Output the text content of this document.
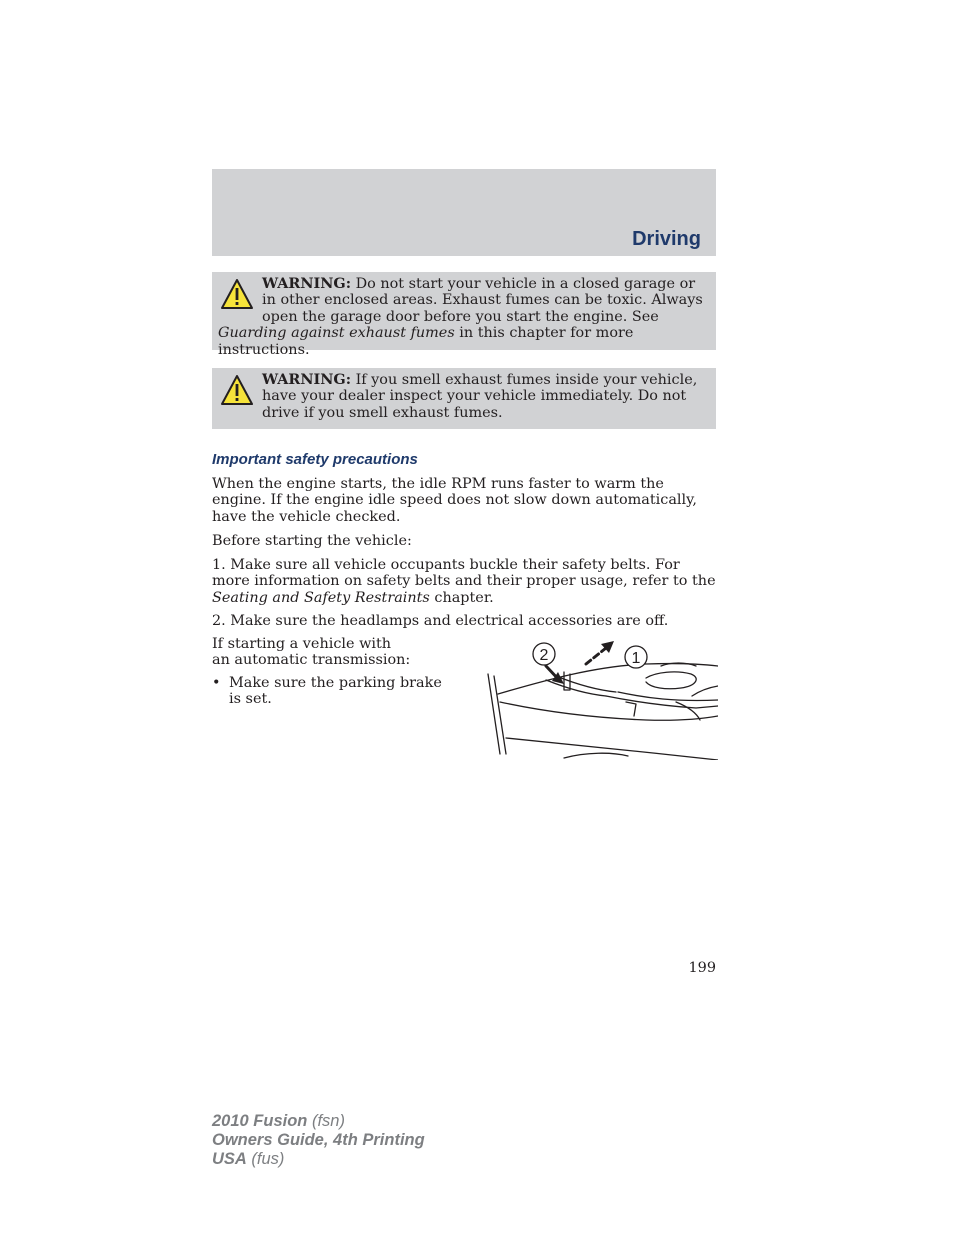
Driving
WARNING: Do not start your vehicle in a closed garage or in other enclosed areas. Exhaust fumes can be toxic. Always open the garage door before you start the engine. See Guarding against exhaust fumes in this chapter for more instructions.
WARNING: If you smell exhaust fumes inside your vehicle, have your dealer inspect your vehicle immediately. Do not drive if you smell exhaust fumes.
Important safety precautions

When the engine starts, the idle RPM runs faster to warm the engine. If the engine idle speed does not slow down automatically, have the vehicle checked.

Before starting the vehicle:

1. Make sure all vehicle occupants buckle their safety belts. For more information on safety belts and their proper usage, refer to the Seating and Safety Restraints chapter.

2. Make sure the headlamps and electrical accessories are off.

If starting a vehicle with an automatic transmission:

• Make sure the parking brake is set.
2	1
199
2010 Fusion (fsn)
Owners Guide, 4th Printing
USA (fus)
